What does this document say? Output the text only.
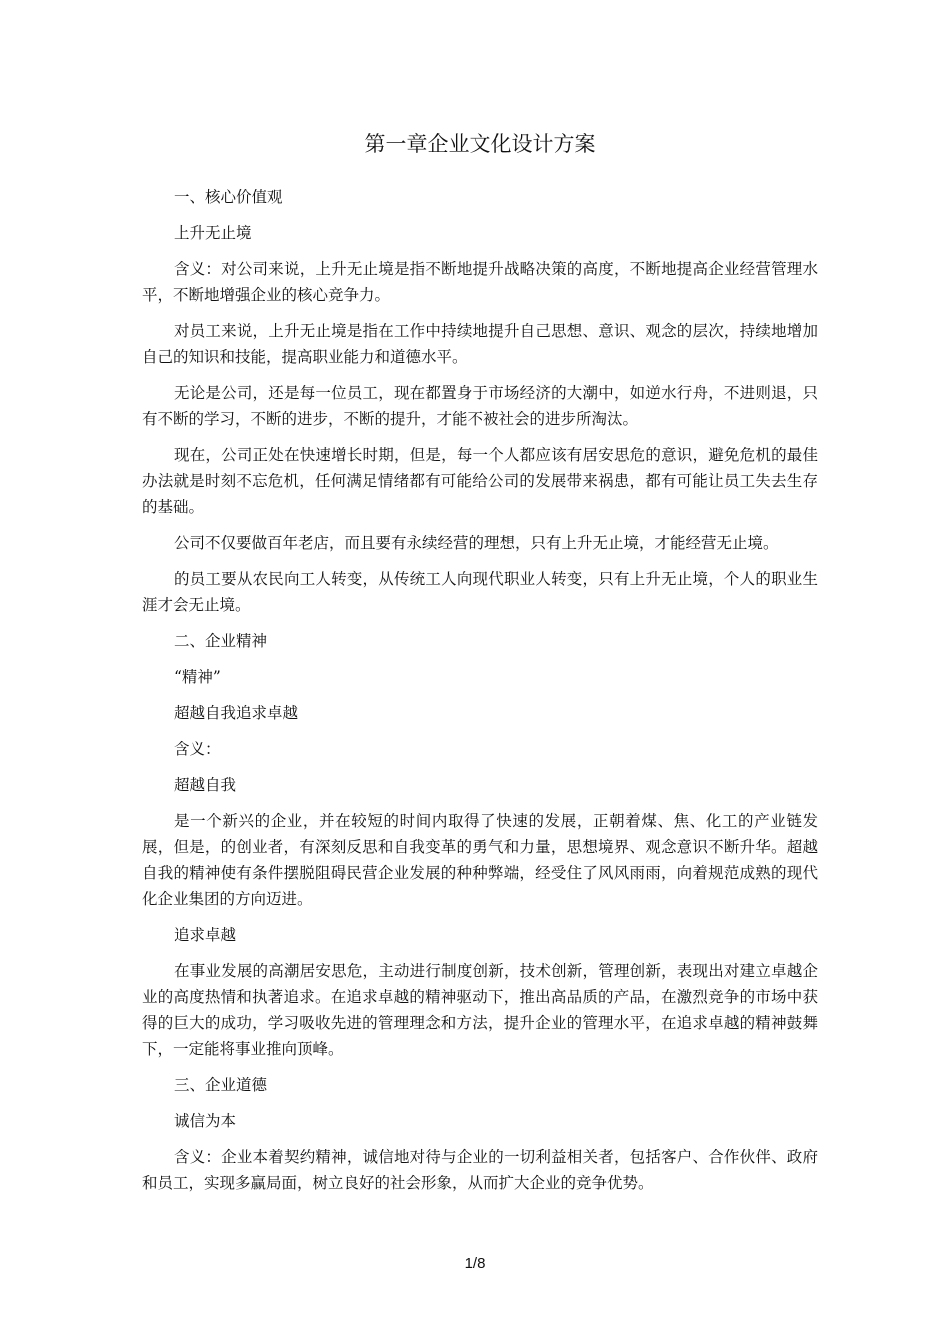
第一章企业文化设计方案

一、核心价值观

上升无止境

含义：对公司来说，上升无止境是指不断地提升战略决策的高度，不断地提高企业经营管理水平，不断地增强企业的核心竞争力。

对员工来说，上升无止境是指在工作中持续地提升自己思想、意识、观念的层次，持续地增加自己的知识和技能，提高职业能力和道德水平。

无论是公司，还是每一位员工，现在都置身于市场经济的大潮中，如逆水行舟，不进则退，只有不断的学习，不断的进步，不断的提升，才能不被社会的进步所淘汰。

现在，公司正处在快速增长时期，但是，每一个人都应该有居安思危的意识，避免危机的最佳办法就是时刻不忘危机，任何满足情绪都有可能给公司的发展带来祸患，都有可能让员工失去生存的基础。

公司不仅要做百年老店，而且要有永续经营的理想，只有上升无止境，才能经营无止境。

的员工要从农民向工人转变，从传统工人向现代职业人转变，只有上升无止境，个人的职业生涯才会无止境。

二、企业精神

“精神”

超越自我追求卓越

含义：

超越自我

是一个新兴的企业，并在较短的时间内取得了快速的发展，正朝着煤、焦、化工的产业链发展，但是，的创业者，有深刻反思和自我变革的勇气和力量，思想境界、观念意识不断升华。超越自我的精神使有条件摆脱阻碍民营企业发展的种种弊端，经受住了风风雨雨，向着规范成熟的现代化企业集团的方向迈进。

追求卓越

在事业发展的高潮居安思危，主动进行制度创新，技术创新，管理创新，表现出对建立卓越企业的高度热情和执著追求。在追求卓越的精神驱动下，推出高品质的产品，在激烈竞争的市场中获得的巨大的成功，学习吸收先进的管理理念和方法，提升企业的管理水平，在追求卓越的精神鼓舞下，一定能将事业推向顶峰。

三、企业道德

诚信为本

含义：企业本着契约精神，诚信地对待与企业的一切利益相关者，包括客户、合作伙伴、政府和员工，实现多赢局面，树立良好的社会形象，从而扩大企业的竞争优势。

1/8
